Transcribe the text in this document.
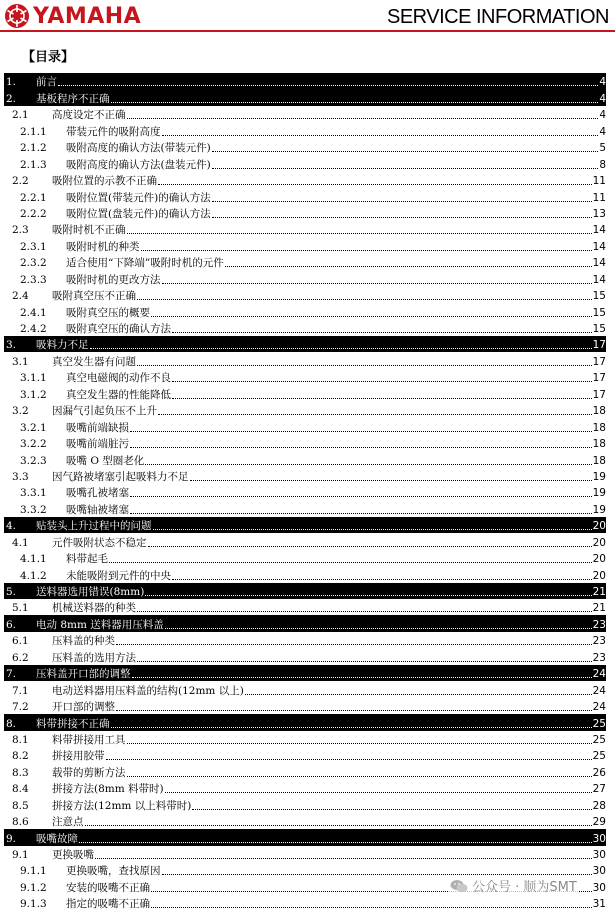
YAMAHA	SERVICE INFORMATION
【目录】
1.	前言	4
2.	基板程序不正确	4
2.1	高度设定不正确	4
2.1.1	带装元件的吸附高度	4
2.1.2	吸附高度的确认方法(带装元件)	5
2.1.3	吸附高度的确认方法(盘装元件)	8
2.2	吸附位置的示教不正确	11
2.2.1	吸附位置(带装元件)的确认方法	11
2.2.2	吸附位置(盘装元件)的确认方法	13
2.3	吸附时机不正确	14
2.3.1	吸附时机的种类	14
2.3.2	适合使用“下降端”吸附时机的元件	14
2.3.3	吸附时机的更改方法	14
2.4	吸附真空压不正确	15
2.4.1	吸附真空压的概要	15
2.4.2	吸附真空压的确认方法	15
3.	吸料力不足	17
3.1	真空发生器有问题	17
3.1.1	真空电磁阀的动作不良	17
3.1.2	真空发生器的性能降低	17
3.2	因漏气引起负压不上升	18
3.2.1	吸嘴前端缺损	18
3.2.2	吸嘴前端脏污	18
3.2.3	吸嘴 O 型圈老化	18
3.3	因气路被堵塞引起吸料力不足	19
3.3.1	吸嘴孔被堵塞	19
3.3.2	吸嘴轴被堵塞	19
4.	贴装头上升过程中的问题	20
4.1	元件吸附状态不稳定	20
4.1.1	料带起毛	20
4.1.2	未能吸附到元件的中央	20
5.	送料器选用错误(8mm)	21
5.1	机械送料器的种类	21
6.	电动 8mm 送料器用压料盖	23
6.1	压料盖的种类	23
6.2	压料盖的选用方法	23
7.	压料盖开口部的调整	24
7.1	电动送料器用压料盖的结构(12mm 以上)	24
7.2	开口部的调整	24
8.	料带拼接不正确	25
8.1	料带拼接用工具	25
8.2	拼接用胶带	25
8.3	载带的剪断方法	26
8.4	拼接方法(8mm 料带时)	27
8.5	拼接方法(12mm 以上料带时)	28
8.6	注意点	29
9.	吸嘴故障	30
9.1	更换吸嘴	30
9.1.1	更换吸嘴，查找原因	30
9.1.2	安装的吸嘴不正确	30
9.1.3	指定的吸嘴不正确	31
公众号 · 顺为SMT
